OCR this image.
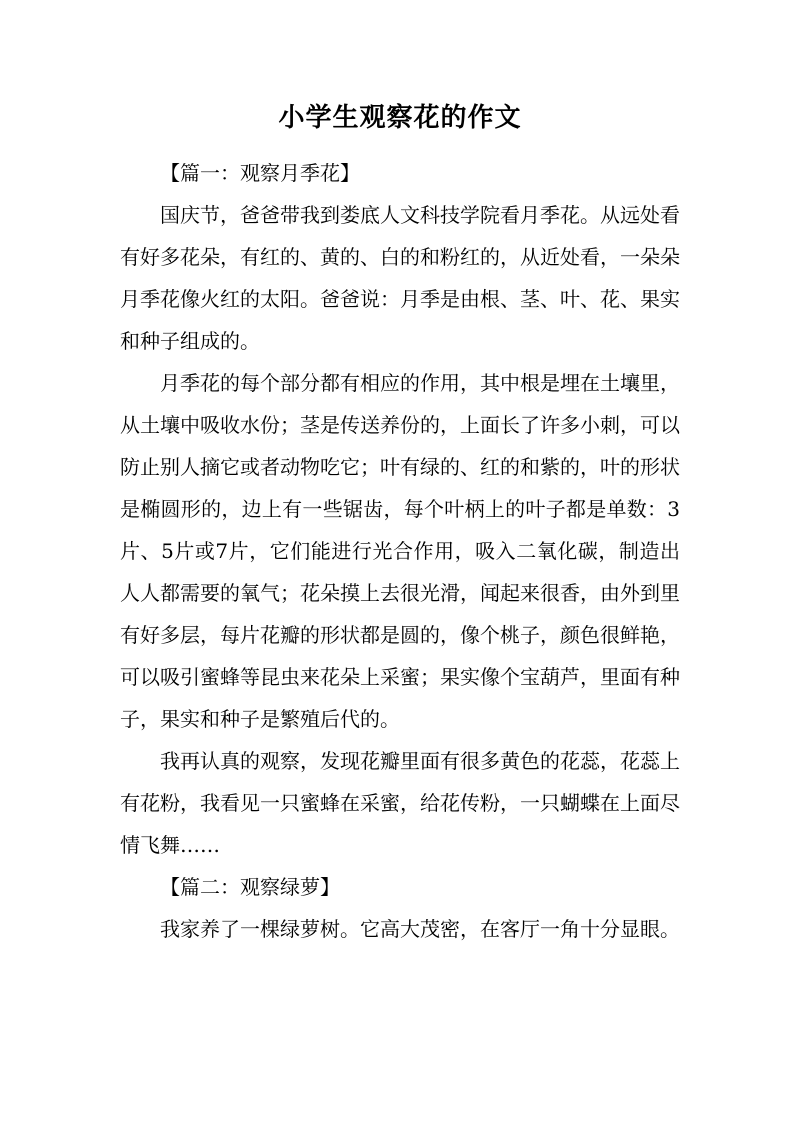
小学生观察花的作文

【篇一：观察月季花】

国庆节，爸爸带我到娄底人文科技学院看月季花。从远处看有好多花朵，有红的、黄的、白的和粉红的，从近处看，一朵朵月季花像火红的太阳。爸爸说：月季是由根、茎、叶、花、果实和种子组成的。

月季花的每个部分都有相应的作用，其中根是埋在土壤里，从土壤中吸收水份；茎是传送养份的，上面长了许多小刺，可以防止别人摘它或者动物吃它；叶有绿的、红的和紫的，叶的形状是椭圆形的，边上有一些锯齿，每个叶柄上的叶子都是单数：3片、5片或7片，它们能进行光合作用，吸入二氧化碳，制造出人人都需要的氧气；花朵摸上去很光滑，闻起来很香，由外到里有好多层，每片花瓣的形状都是圆的，像个桃子，颜色很鲜艳，可以吸引蜜蜂等昆虫来花朵上采蜜；果实像个宝葫芦，里面有种子，果实和种子是繁殖后代的。

我再认真的观察，发现花瓣里面有很多黄色的花蕊，花蕊上有花粉，我看见一只蜜蜂在采蜜，给花传粉，一只蝴蝶在上面尽情飞舞……

【篇二：观察绿萝】

我家养了一棵绿萝树。它高大茂密，在客厅一角十分显眼。
